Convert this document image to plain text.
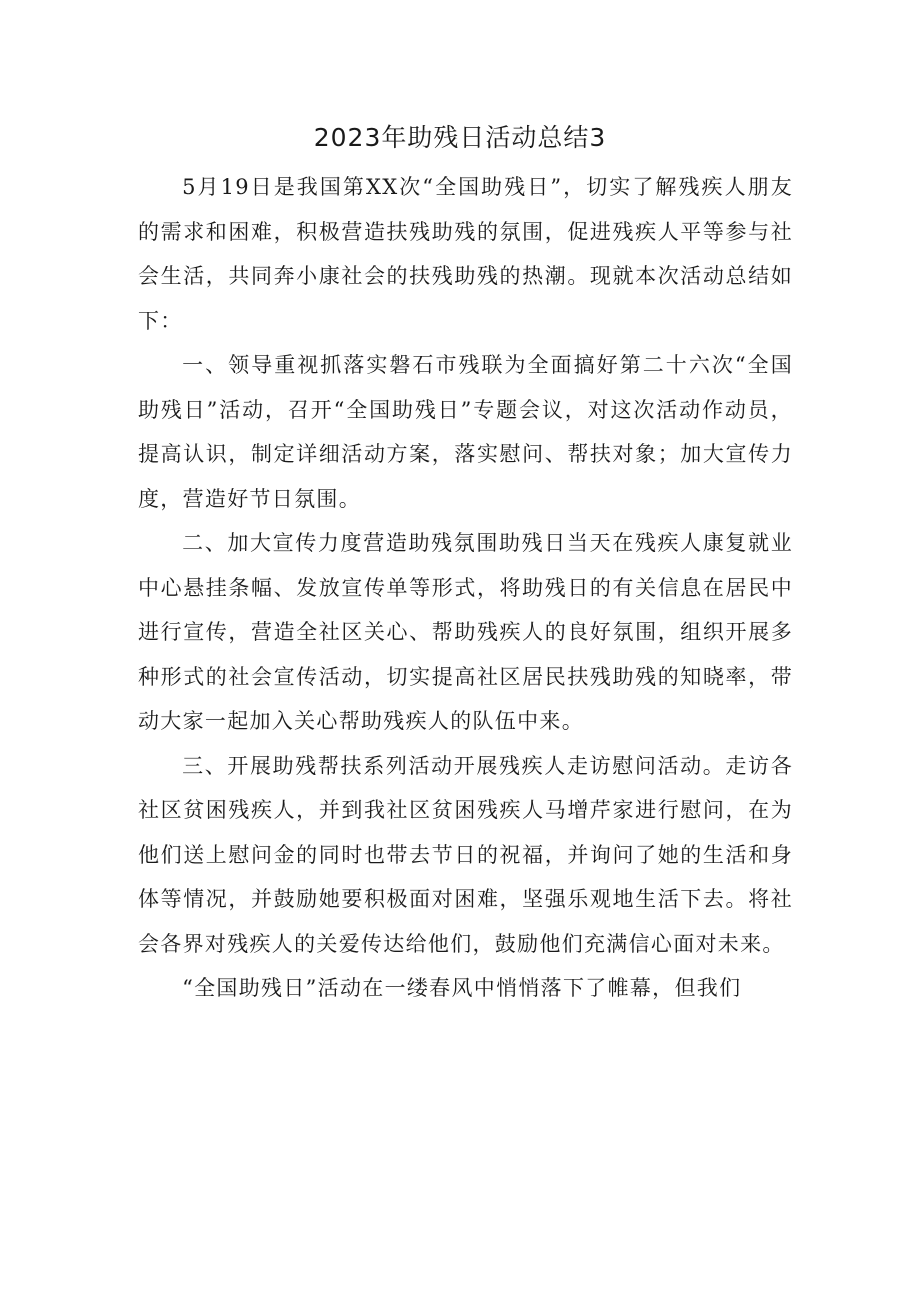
2023年助残日活动总结3

5月19日是我国第XX次“全国助残日”，切实了解残疾人朋友的需求和困难，积极营造扶残助残的氛围，促进残疾人平等参与社会生活，共同奔小康社会的扶残助残的热潮。现就本次活动总结如下：

一、领导重视抓落实磐石市残联为全面搞好第二十六次“全国助残日”活动，召开“全国助残日”专题会议，对这次活动作动员，提高认识，制定详细活动方案，落实慰问、帮扶对象；加大宣传力度，营造好节日氛围。

二、加大宣传力度营造助残氛围助残日当天在残疾人康复就业中心悬挂条幅、发放宣传单等形式，将助残日的有关信息在居民中进行宣传，营造全社区关心、帮助残疾人的良好氛围，组织开展多种形式的社会宣传活动，切实提高社区居民扶残助残的知晓率，带动大家一起加入关心帮助残疾人的队伍中来。

三、开展助残帮扶系列活动开展残疾人走访慰问活动。走访各社区贫困残疾人，并到我社区贫困残疾人马增芹家进行慰问，在为他们送上慰问金的同时也带去节日的祝福，并询问了她的生活和身体等情况，并鼓励她要积极面对困难，坚强乐观地生活下去。将社会各界对残疾人的关爱传达给他们，鼓励他们充满信心面对未来。

“全国助残日”活动在一缕春风中悄悄落下了帷幕，但我们
